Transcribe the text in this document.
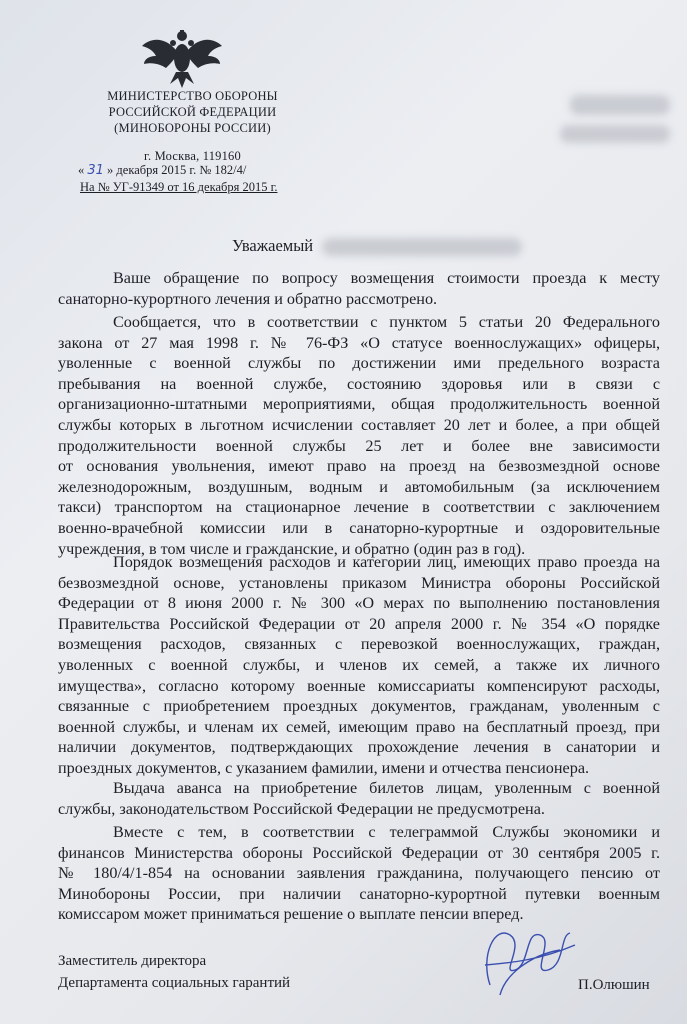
МИНИСТЕРСТВО ОБОРОНЫ
РОССИЙСКОЙ ФЕДЕРАЦИИ
(МИНОБОРОНЫ РОССИИ)
г. Москва, 119160
« 31 » декабря 2015 г. № 182/4/
На № УГ-91349 от 16 декабря 2015 г.
Уважаемый
Ваше обращение по вопросу возмещения стоимости проезда к месту
санаторно-курортного лечения и обратно рассмотрено.
Сообщается, что в соответствии с пунктом 5 статьи 20 Федерального
закона от 27 мая 1998 г. № 76-ФЗ «О статусе военнослужащих» офицеры,
уволенные с военной службы по достижении ими предельного возраста
пребывания на военной службе, состоянию здоровья или в связи с
организационно-штатными мероприятиями, общая продолжительность военной
службы которых в льготном исчислении составляет 20 лет и более, а при общей
продолжительности военной службы 25 лет и более вне зависимости
от основания увольнения, имеют право на проезд на безвозмездной основе
железнодорожным, воздушным, водным и автомобильным (за исключением
такси) транспортом на стационарное лечение в соответствии с заключением
военно-врачебной комиссии или в санаторно-курортные и оздоровительные
учреждения, в том числе и гражданские, и обратно (один раз в год).
Порядок возмещения расходов и категории лиц, имеющих право проезда на
безвозмездной основе, установлены приказом Министра обороны Российской
Федерации от 8 июня 2000 г. № 300 «О мерах по выполнению постановления
Правительства Российской Федерации от 20 апреля 2000 г. № 354 «О порядке
возмещения расходов, связанных с перевозкой военнослужащих, граждан,
уволенных с военной службы, и членов их семей, а также их личного
имущества», согласно которому военные комиссариаты компенсируют расходы,
связанные с приобретением проездных документов, гражданам, уволенным с
военной службы, и членам их семей, имеющим право на бесплатный проезд, при
наличии документов, подтверждающих прохождение лечения в санатории и
проездных документов, с указанием фамилии, имени и отчества пенсионера.
Выдача аванса на приобретение билетов лицам, уволенным с военной
службы, законодательством Российской Федерации не предусмотрена.
Вместе с тем, в соответствии с телеграммой Службы экономики и
финансов Министерства обороны Российской Федерации от 30 сентября 2005 г.
№ 180/4/1-854 на основании заявления гражданина, получающего пенсию от
Минобороны России, при наличии санаторно-курортной путевки военным
комиссаром может приниматься решение о выплате пенсии вперед.
Заместитель директора
Департамента социальных гарантий	П.Олюшин
